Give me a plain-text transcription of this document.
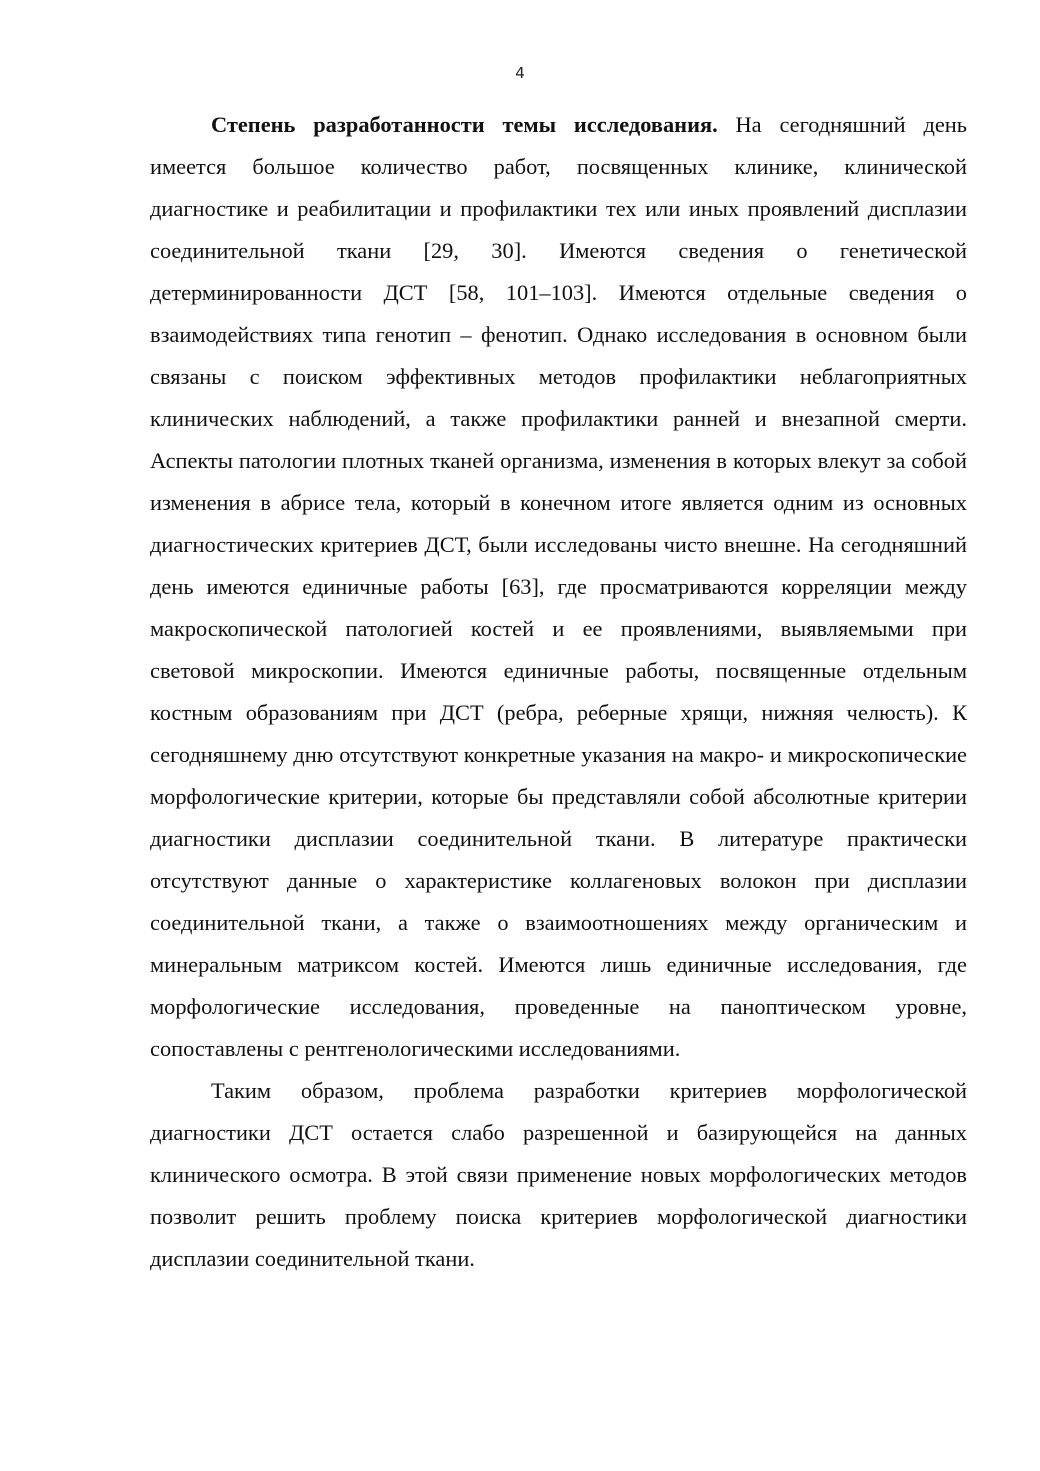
4

Степень разработанности темы исследования. На сегодняшний день имеется большое количество работ, посвященных клинике, клинической диагностике и реабилитации и профилактики тех или иных проявлений дисплазии соединительной ткани [29, 30]. Имеются сведения о генетической детерминированности ДСТ [58, 101–103]. Имеются отдельные сведения о взаимодействиях типа генотип – фенотип. Однако исследования в основном были связаны с поиском эффективных методов профилактики неблагоприятных клинических наблюдений, а также профилактики ранней и внезапной смерти. Аспекты патологии плотных тканей организма, изменения в которых влекут за собой изменения в абрисе тела, который в конечном итоге является одним из основных диагностических критериев ДСТ, были исследованы чисто внешне. На сегодняшний день имеются единичные работы [63], где просматриваются корреляции между макроскопической патологией костей и ее проявлениями, выявляемыми при световой микроскопии. Имеются единичные работы, посвященные отдельным костным образованиям при ДСТ (ребра, реберные хрящи, нижняя челюсть). К сегодняшнему дню отсутствуют конкретные указания на макро- и микроскопические морфологические критерии, которые бы представляли собой абсолютные критерии диагностики дисплазии соединительной ткани. В литературе практически отсутствуют данные о характеристике коллагеновых волокон при дисплазии соединительной ткани, а также о взаимоотношениях между органическим и минеральным матриксом костей. Имеются лишь единичные исследования, где морфологические исследования, проведенные на паноптическом уровне, сопоставлены с рентгенологическими исследованиями.

Таким образом, проблема разработки критериев морфологической диагностики ДСТ остается слабо разрешенной и базирующейся на данных клинического осмотра. В этой связи применение новых морфологических методов позволит решить проблему поиска критериев морфологической диагностики дисплазии соединительной ткани.
